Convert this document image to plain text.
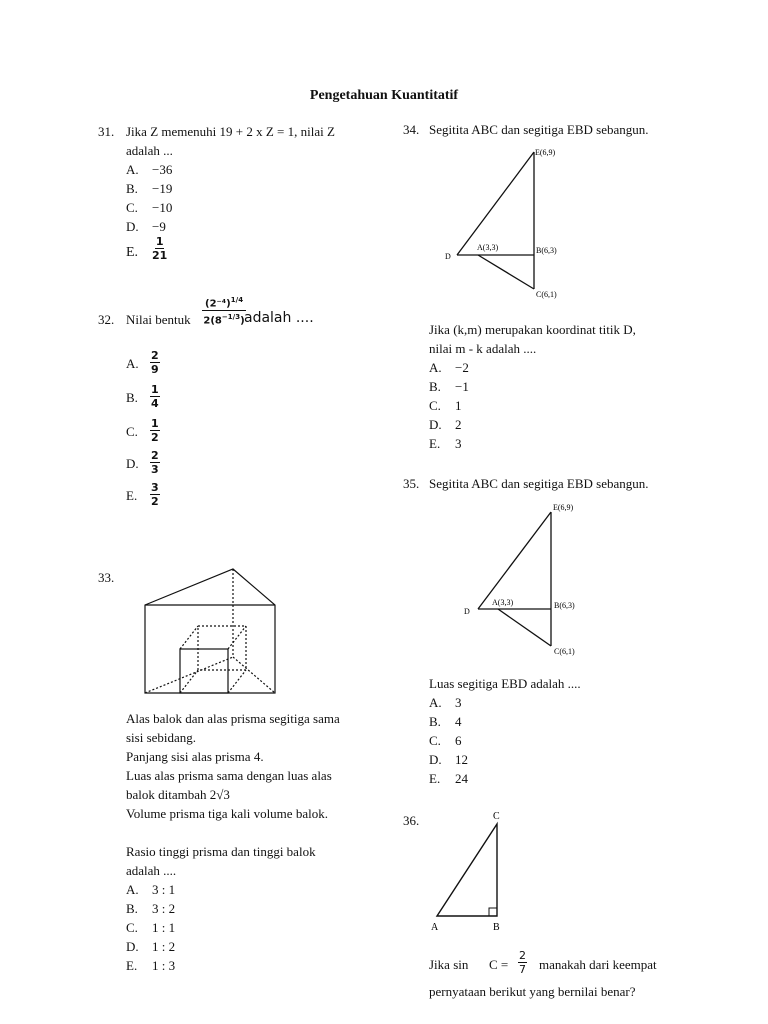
Pengetahuan Kuantitatif
31. Jika Z memenuhi 19 + 2 x Z = 1, nilai Z
adalah ...
A. −36
B. −19
C. −10
D. −9
E. $\frac{1}{21}$
32. Nilai bentuk
$(2^{-4})^{1/4}$
$2(8^{-1/3})$ adalah ....
A. $\frac{2}{9}$
B. $\frac{1}{4}$
C. $\frac{1}{2}$
D. $\frac{2}{3}$
E. $\frac{3}{2}$
33.
Alas balok dan alas prisma segitiga sama
sisi sebidang.
Panjang sisi alas prisma 4.
Luas alas prisma sama dengan luas alas
balok ditambah 2√3
Volume prisma tiga kali volume balok.
Rasio tinggi prisma dan tinggi balok
adalah ....
A. 3 : 1
B. 3 : 2
C. 1 : 1
D. 1 : 2
E. 1 : 3
34. Segitita ABC dan segitiga EBD sebangun.
E(6,9)
A(3,3)	B(6,3)
D
C(6,1)
Jika (k,m) merupakan koordinat titik D,
nilai m - k adalah ....
A. −2
B. −1
C. 1
D. 2
E. 3
35. Segitita ABC dan segitiga EBD sebangun.
E(6,9)
A(3,3)	B(6,3)
D
C(6,1)
Luas segitiga EBD adalah ....
A. 3
B. 4
C. 6
D. 12
E. 24
36.	C
A	B
Jika $\sin C = \frac{2}{7}$ manakah dari keempat
pernyataan berikut yang bernilai benar?
